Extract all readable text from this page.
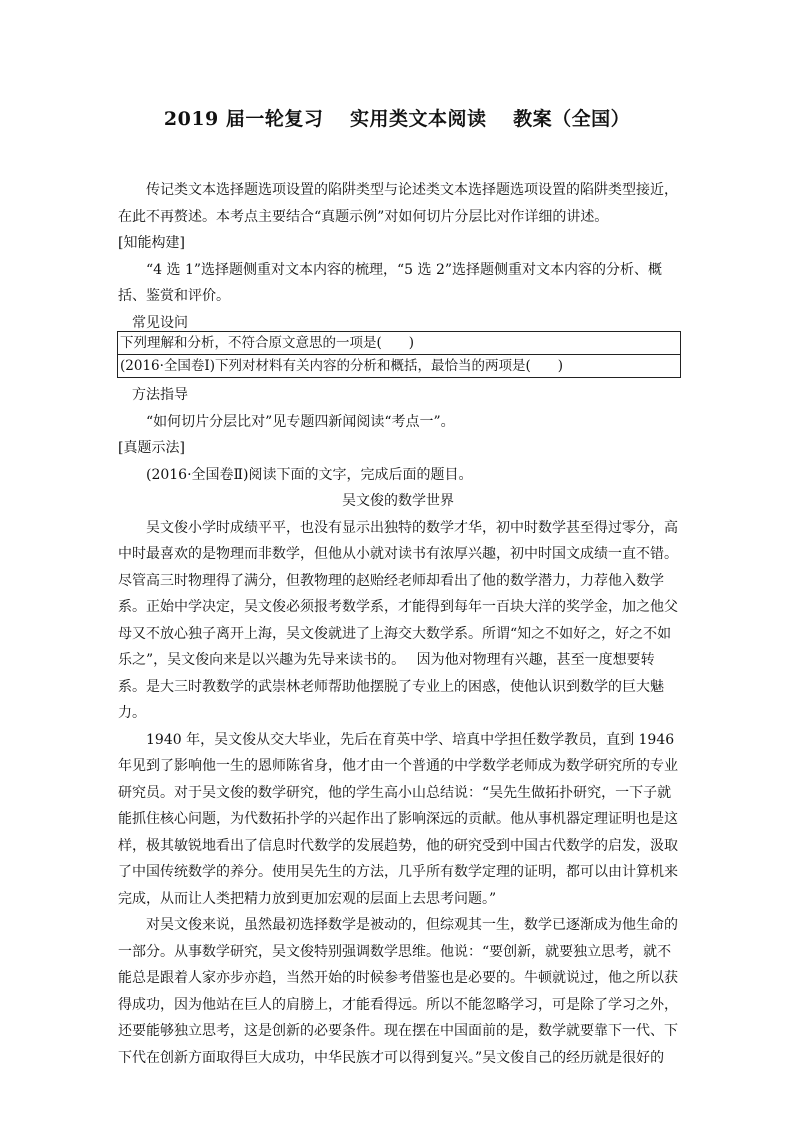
2019 届一轮复习　 实用类文本阅读　 教案（全国）

传记类文本选择题选项设置的陷阱类型与论述类文本选择题选项设置的陷阱类型接近，在此不再赘述。本考点主要结合“真题示例”对如何切片分层比对作详细的讲述。

[知能构建]

“4 选 1”选择题侧重对文本内容的梳理，“5 选 2”选择题侧重对文本内容的分析、概括、鉴赏和评价。

常见设问

下列理解和分析，不符合原文意思的一项是(　　)
(2016·全国卷Ⅰ)下列对材料有关内容的分析和概括，最恰当的两项是(　　)

方法指导

“如何切片分层比对”见专题四新闻阅读“考点一”。

[真题示法]

(2016·全国卷Ⅱ)阅读下面的文字，完成后面的题目。

吴文俊的数学世界

吴文俊小学时成绩平平，也没有显示出独特的数学才华，初中时数学甚至得过零分，高中时最喜欢的是物理而非数学，但他从小就对读书有浓厚兴趣，初中时国文成绩一直不错。尽管高三时物理得了满分，但教物理的赵贻经老师却看出了他的数学潜力，力荐他入数学系。正始中学决定，吴文俊必须报考数学系，才能得到每年一百块大洋的奖学金，加之他父母又不放心独子离开上海，吴文俊就进了上海交大数学系。所谓“知之不如好之，好之不如乐之”，吴文俊向来是以兴趣为先导来读书的。　 因为他对物理有兴趣，甚至一度想要转系。是大三时教数学的武崇林老师帮助他摆脱了专业上的困惑，使他认识到数学的巨大魅力。

1940 年，吴文俊从交大毕业，先后在育英中学、培真中学担任数学教员，直到 1946 年见到了影响他一生的恩师陈省身，他才由一个普通的中学数学老师成为数学研究所的专业研究员。对于吴文俊的数学研究，他的学生高小山总结说：“吴先生做拓扑研究，一下子就能抓住核心问题，为代数拓扑学的兴起作出了影响深远的贡献。他从事机器定理证明也是这样，极其敏锐地看出了信息时代数学的发展趋势，他的研究受到中国古代数学的启发，汲取了中国传统数学的养分。使用吴先生的方法，几乎所有数学定理的证明，都可以由计算机来完成，从而让人类把精力放到更加宏观的层面上去思考问题。”

对吴文俊来说，虽然最初选择数学是被动的，但综观其一生，数学已逐渐成为他生命的一部分。从事数学研究，吴文俊特别强调数学思维。他说：“要创新，就要独立思考，就不能总是跟着人家亦步亦趋，当然开始的时候参考借鉴也是必要的。牛顿就说过，他之所以获得成功，因为他站在巨人的肩膀上，才能看得远。所以不能忽略学习，可是除了学习之外，还要能够独立思考，这是创新的必要条件。现在摆在中国面前的是，数学就要靠下一代、下下代在创新方面取得巨大成功，中华民族才可以得到复兴。”吴文俊自己的经历就是很好的
